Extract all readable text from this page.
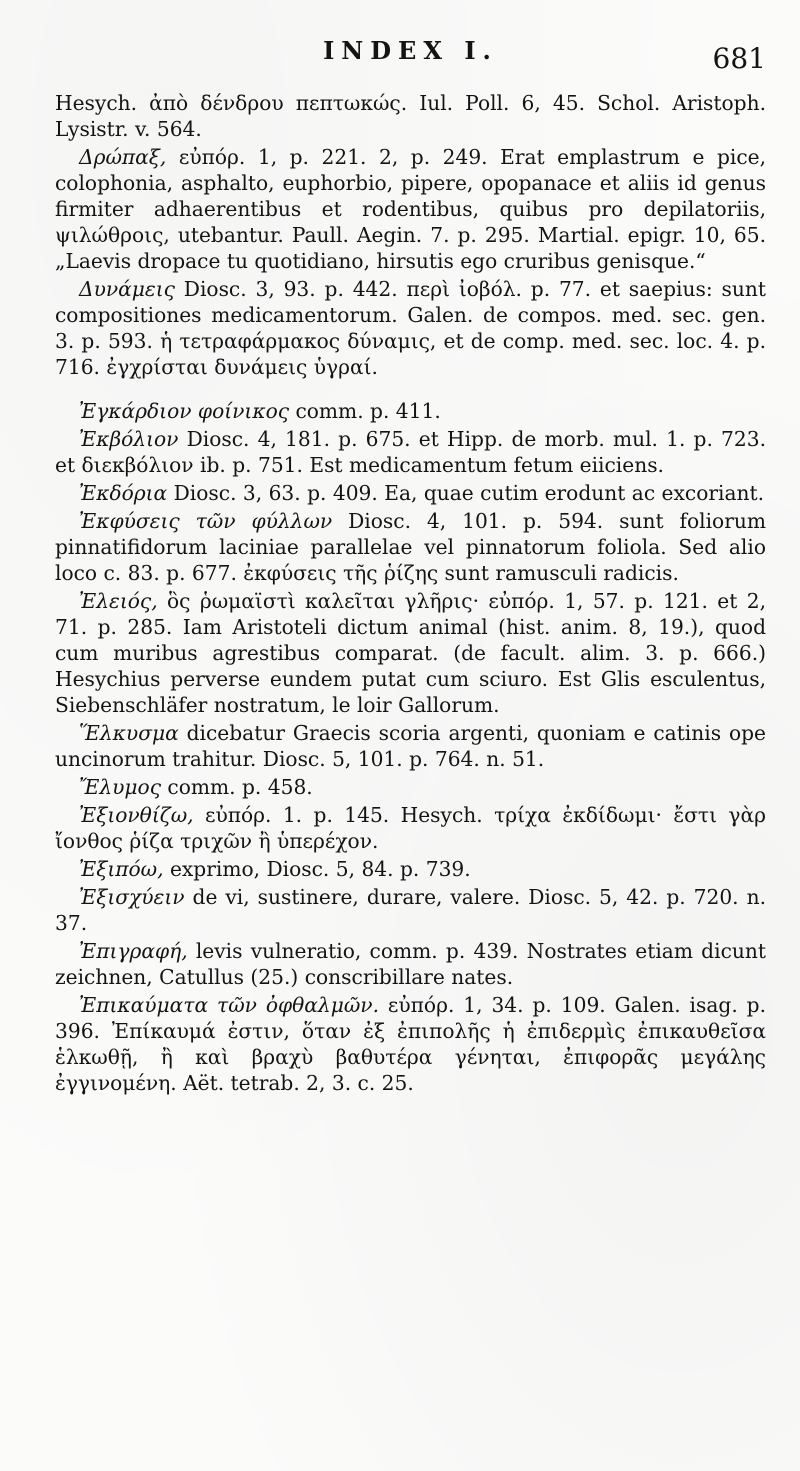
INDEX I.	681

Hesych. ἀπὸ δένδρου πεπτωκώς. Iul. Poll. 6, 45. Schol. Aristoph. Lysistr. v. 564.

Δρώπαξ, εὐπόρ. 1, p. 221. 2, p. 249. Erat emplastrum e pice, colophonia, asphalto, euphorbio, pipere, opopanace et aliis id genus firmiter adhaerentibus et rodentibus, quibus pro depilatoriis, ψιλώθροις, utebantur. Paull. Aegin. 7. p. 295. Martial. epigr. 10, 65. „Laevis dropace tu quotidiano, hirsutis ego cruribus genisque.“

Δυνάμεις Diosc. 3, 93. p. 442. περὶ ἰοβόλ. p. 77. et saepius: sunt compositiones medicamentorum. Galen. de compos. med. sec. gen. 3. p. 593. ἡ τετραφάρμακος δύναμις, et de comp. med. sec. loc. 4. p. 716. ἐγχρίσται δυνάμεις ὑγραί.

Ἐγκάρδιον φοίνικος comm. p. 411.

Ἐκβόλιον Diosc. 4, 181. p. 675. et Hipp. de morb. mul. 1. p. 723. et διεκβόλιον ib. p. 751. Est medicamentum fetum eiiciens.

Ἐκδόρια Diosc. 3, 63. p. 409. Ea, quae cutim erodunt ac excoriant.

Ἐκφύσεις τῶν φύλλων Diosc. 4, 101. p. 594. sunt foliorum pinnatifidorum laciniae parallelae vel pinnatorum foliola. Sed alio loco c. 83. p. 677. ἐκφύσεις τῆς ῥίζης sunt ramusculi radicis.

Ἐλειός, ὃς ῥωμαϊστὶ καλεῖται γλῆρις· εὐπόρ. 1, 57. p. 121. et 2, 71. p. 285. Iam Aristoteli dictum animal (hist. anim. 8, 19.), quod cum muribus agrestibus comparat. (de facult. alim. 3. p. 666.) Hesychius perverse eundem putat cum sciuro. Est Glis esculentus, Siebenschläfer nostratum, le loir Gallorum.

Ἕλκυσμα dicebatur Graecis scoria argenti, quoniam e catinis ope uncinorum trahitur. Diosc. 5, 101. p. 764. n. 51.

Ἔλυμος comm. p. 458.

Ἐξιονθίζω, εὐπόρ. 1. p. 145. Hesych. τρίχα ἐκδίδωμι· ἔστι γὰρ ἴονθος ῥίζα τριχῶν ἢ ὑπερέχον.

Ἐξιπόω, exprimo, Diosc. 5, 84. p. 739.

Ἐξισχύειν de vi, sustinere, durare, valere. Diosc. 5, 42. p. 720. n. 37.

Ἐπιγραφή, levis vulneratio, comm. p. 439. Nostrates etiam dicunt zeichnen, Catullus (25.) conscribillare nates.

Ἐπικαύματα τῶν ὀφθαλμῶν. εὐπόρ. 1, 34. p. 109. Galen. isag. p. 396. Ἐπίκαυμά ἐστιν, ὅταν ἐξ ἐπιπολῆς ἡ ἐπιδερμὶς ἐπικαυθεῖσα ἑλκωθῇ, ἢ καὶ βραχὺ βαθυτέρα γένηται, ἐπιφορᾶς μεγάλης ἐγγινομένη. Aët. tetrab. 2, 3. c. 25.
